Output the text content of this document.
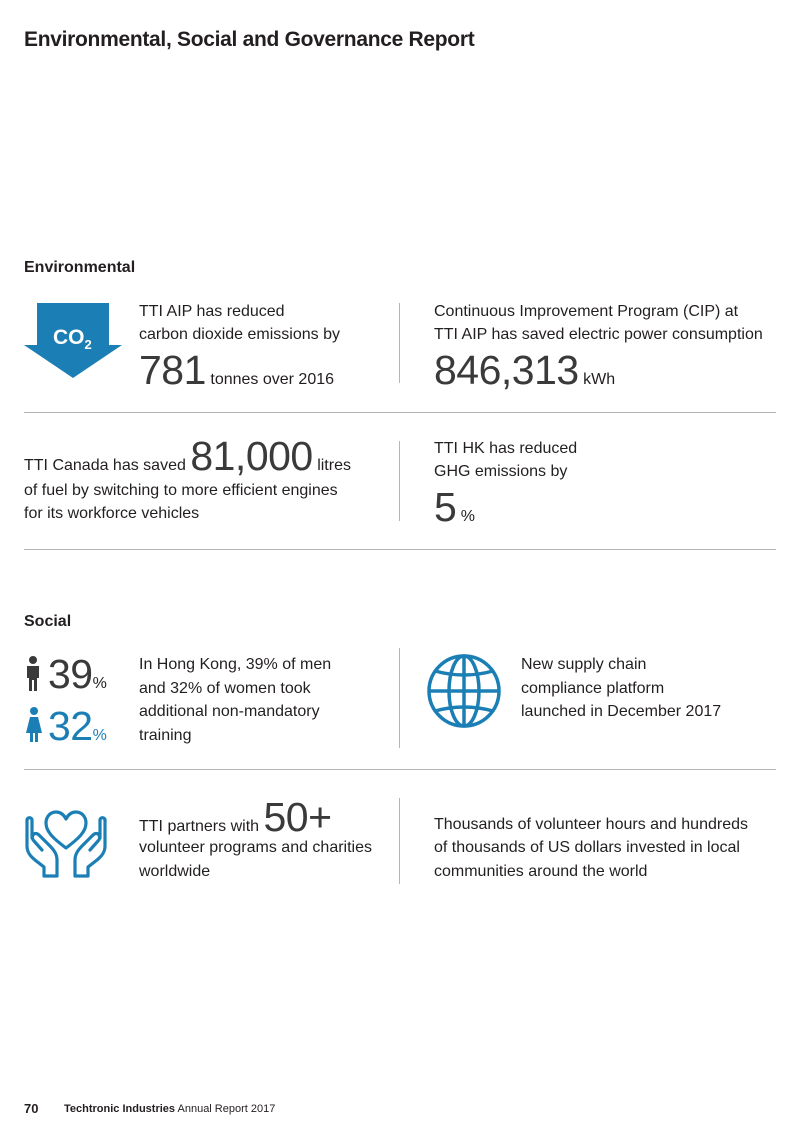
Environmental, Social and Governance Report
Environmental
$CO_2$
TTI AIP has reduced
carbon dioxide emissions by
781 tonnes over 2016
Continuous Improvement Program (CIP) at
TTI AIP has saved electric power consumption
846,313 kWh
TTI Canada has saved 81,000 litres
of fuel by switching to more efficient engines
for its workforce vehicles
TTI HK has reduced
GHG emissions by
5 %
Social
39%
32%
In Hong Kong, 39% of men
and 32% of women took
additional non-mandatory
training
New supply chain
compliance platform
launched in December 2017
TTI partners with 50+
volunteer programs and charities
worldwide
Thousands of volunteer hours and hundreds
of thousands of US dollars invested in local
communities around the world
70 Techtronic Industries Annual Report 2017
